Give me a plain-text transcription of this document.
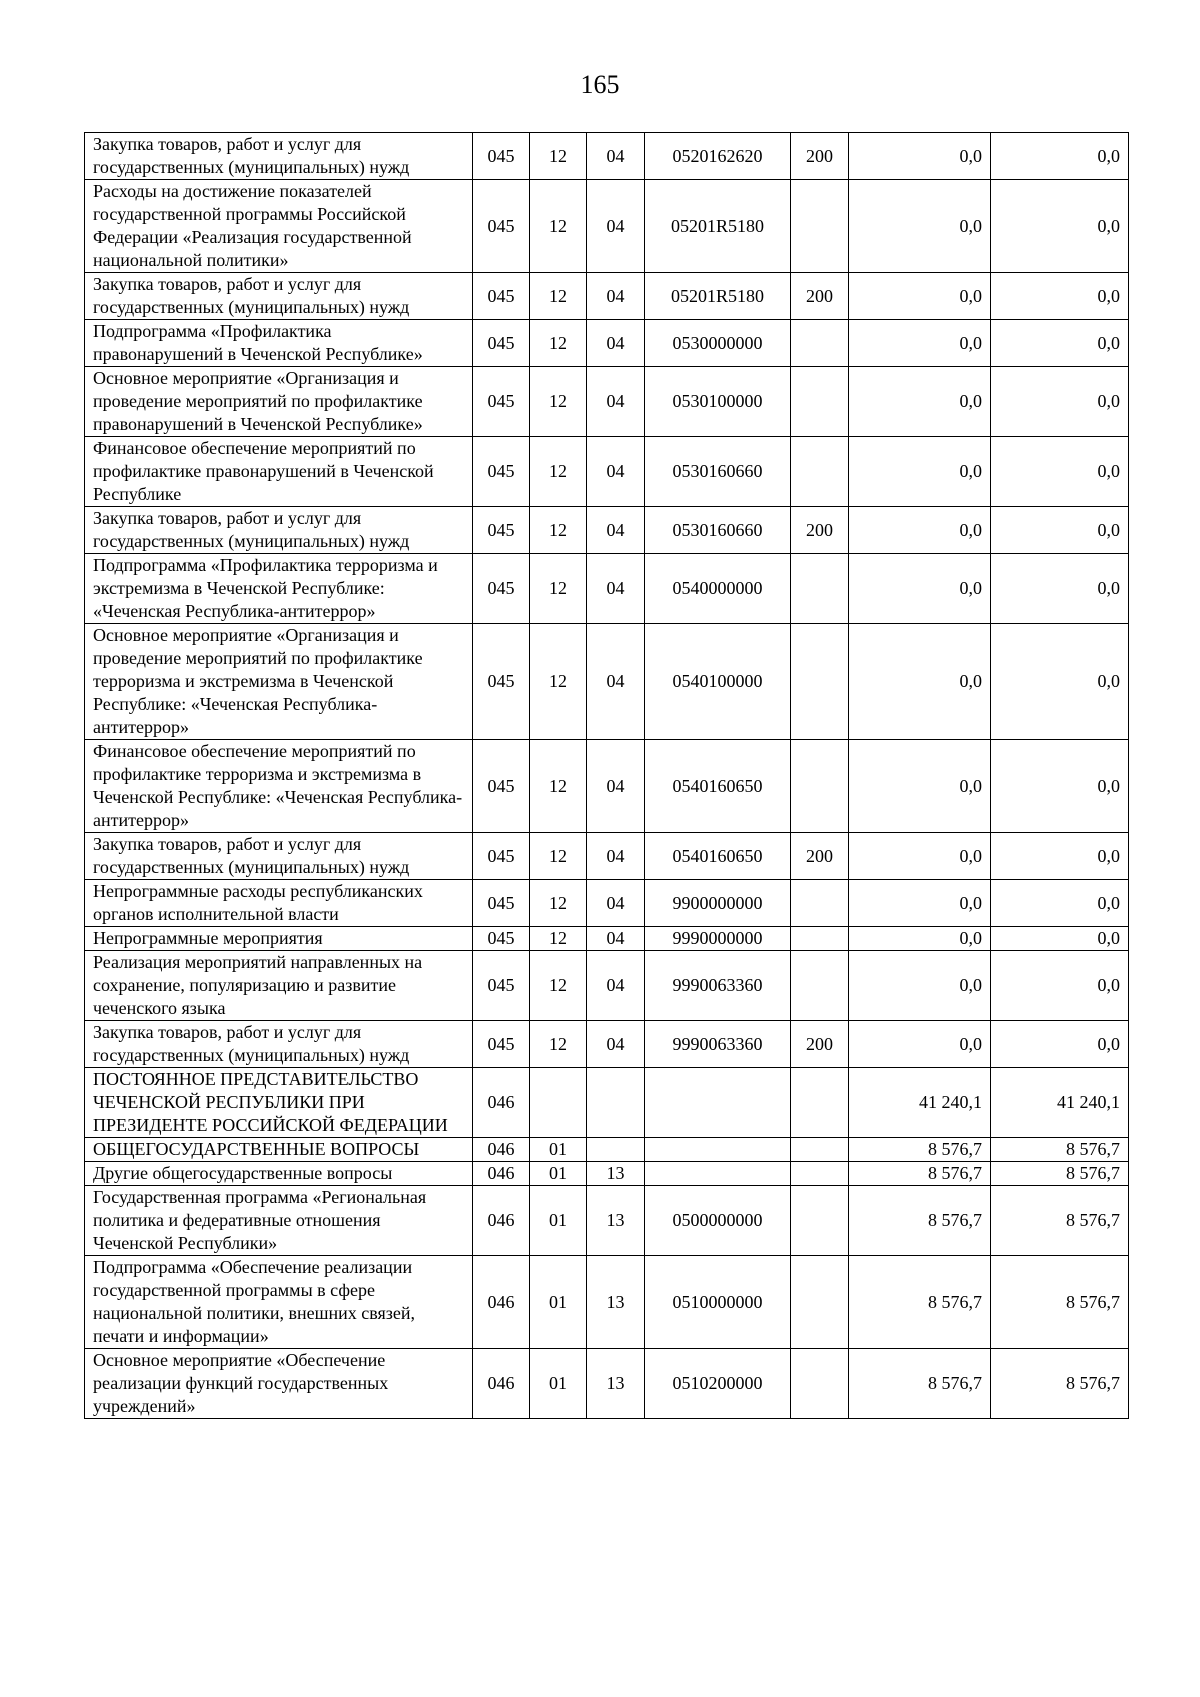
165
Закупка товаров, работ и услуг для государственных (муниципальных) нужд	045	12	04	0520162620	200	0,0	0,0
Расходы на достижение показателей государственной программы Российской Федерации «Реализация государственной национальной политики»	045	12	04	05201R5180		0,0	0,0
Закупка товаров, работ и услуг для государственных (муниципальных) нужд	045	12	04	05201R5180	200	0,0	0,0
Подпрограмма «Профилактика правонарушений в Чеченской Республике»	045	12	04	0530000000		0,0	0,0
Основное мероприятие «Организация и проведение мероприятий по профилактике правонарушений в Чеченской Республике»	045	12	04	0530100000		0,0	0,0
Финансовое обеспечение мероприятий по профилактике правонарушений в Чеченской Республике	045	12	04	0530160660		0,0	0,0
Закупка товаров, работ и услуг для государственных (муниципальных) нужд	045	12	04	0530160660	200	0,0	0,0
Подпрограмма «Профилактика терроризма и экстремизма в Чеченской Республике: «Чеченская Республика-антитеррор»	045	12	04	0540000000		0,0	0,0
Основное мероприятие «Организация и проведение мероприятий по профилактике терроризма и экстремизма в Чеченской Республике: «Чеченская Республика-антитеррор»	045	12	04	0540100000		0,0	0,0
Финансовое обеспечение мероприятий по профилактике терроризма и экстремизма в Чеченской Республике: «Чеченская Республика-антитеррор»	045	12	04	0540160650		0,0	0,0
Закупка товаров, работ и услуг для государственных (муниципальных) нужд	045	12	04	0540160650	200	0,0	0,0
Непрограммные расходы республиканских органов исполнительной власти	045	12	04	9900000000		0,0	0,0
Непрограммные мероприятия	045	12	04	9990000000		0,0	0,0
Реализация мероприятий направленных на сохранение, популяризацию и развитие чеченского языка	045	12	04	9990063360		0,0	0,0
Закупка товаров, работ и услуг для государственных (муниципальных) нужд	045	12	04	9990063360	200	0,0	0,0
ПОСТОЯННОЕ ПРЕДСТАВИТЕЛЬСТВО ЧЕЧЕНСКОЙ РЕСПУБЛИКИ ПРИ ПРЕЗИДЕНТЕ РОССИЙСКОЙ ФЕДЕРАЦИИ	046					41 240,1	41 240,1
ОБЩЕГОСУДАРСТВЕННЫЕ ВОПРОСЫ	046	01				8 576,7	8 576,7
Другие общегосударственные вопросы	046	01	13			8 576,7	8 576,7
Государственная программа «Региональная политика и федеративные отношения Чеченской Республики»	046	01	13	0500000000		8 576,7	8 576,7
Подпрограмма «Обеспечение реализации государственной программы в сфере национальной политики, внешних связей, печати и информации»	046	01	13	0510000000		8 576,7	8 576,7
Основное мероприятие «Обеспечение реализации функций государственных учреждений»	046	01	13	0510200000		8 576,7	8 576,7
